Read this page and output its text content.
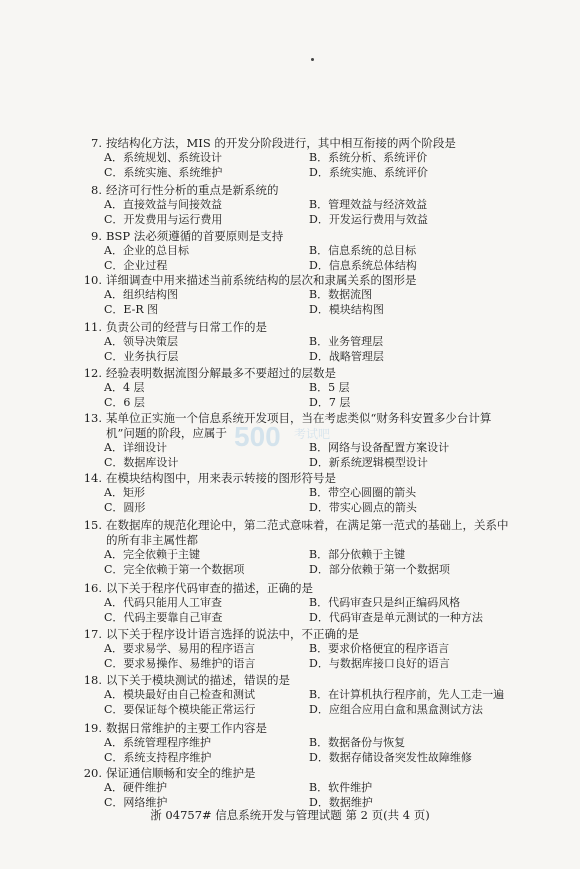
500 考试吧
7. 按结构化方法，MIS 的开发分阶段进行，其中相互衔接的两个阶段是
A．系统规划、系统设计	B．系统分析、系统评价
C．系统实施、系统维护	D．系统实施、系统评价
8. 经济可行性分析的重点是新系统的
A．直接效益与间接效益	B．管理效益与经济效益
C．开发费用与运行费用	D．开发运行费用与效益
9. BSP 法必须遵循的首要原则是支持
A．企业的总目标	B．信息系统的总目标
C．企业过程	D．信息系统总体结构
10. 详细调查中用来描述当前系统结构的层次和隶属关系的图形是
A．组织结构图	B．数据流图
C．E-R 图	D．模块结构图
11. 负责公司的经营与日常工作的是
A．领导决策层	B．业务管理层
C．业务执行层	D．战略管理层
12. 经验表明数据流图分解最多不要超过的层数是
A．4 层	B．5 层
C．6 层	D．7 层
13. 某单位正实施一个信息系统开发项目，当在考虑类似“财务科安置多少台计算机”问题的阶段，应属于
A．详细设计	B．网络与设备配置方案设计
C．数据库设计	D．新系统逻辑模型设计
14. 在模块结构图中，用来表示转接的图形符号是
A．矩形	B．带空心圆圈的箭头
C．圆形	D．带实心圆点的箭头
15. 在数据库的规范化理论中，第二范式意味着，在满足第一范式的基础上，关系中的所有非主属性都
A．完全依赖于主键	B．部分依赖于主键
C．完全依赖于第一个数据项	D．部分依赖于第一个数据项
16. 以下关于程序代码审查的描述，正确的是
A．代码只能用人工审查	B．代码审查只是纠正编码风格
C．代码主要靠自己审查	D．代码审查是单元测试的一种方法
17. 以下关于程序设计语言选择的说法中，不正确的是
A．要求易学、易用的程序语言	B．要求价格便宜的程序语言
C．要求易操作、易维护的语言	D．与数据库接口良好的语言
18. 以下关于模块测试的描述，错误的是
A．模块最好由自己检查和测试	B．在计算机执行程序前，先人工走一遍
C．要保证每个模块能正常运行	D．应组合应用白盒和黑盒测试方法
19. 数据日常维护的主要工作内容是
A．系统管理程序维护	B．数据备份与恢复
C．系统支持程序维护	D．数据存储设备突发性故障维修
20. 保证通信顺畅和安全的维护是
A．硬件维护	B．软件维护
C．网络维护	D．数据维护
浙 04757# 信息系统开发与管理试题 第 2 页(共 4 页)
